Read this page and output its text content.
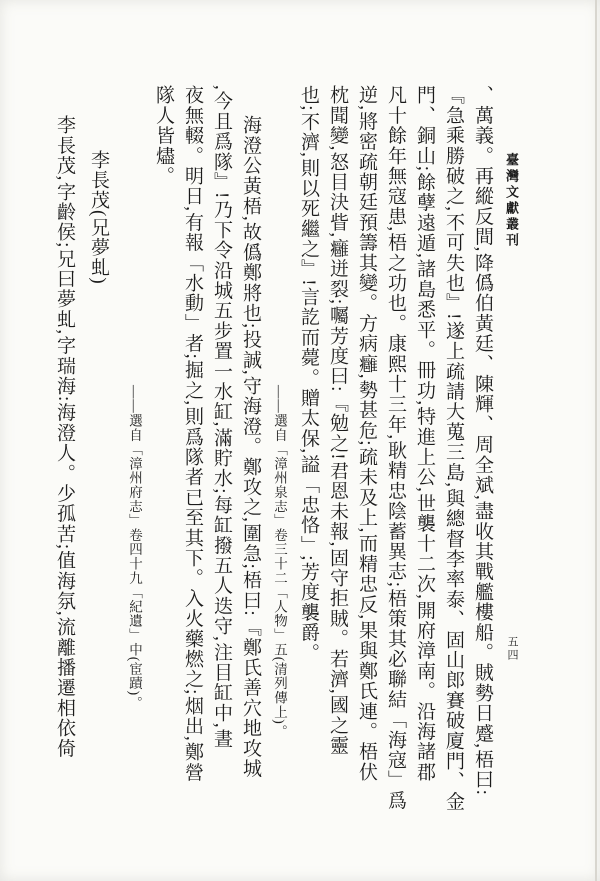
臺灣文獻叢刊
五四
、萬義。再縱反間,降僞伯黃廷、陳輝、周全斌,盡收其戰艦樓船。賊勢日蹙,梧曰:
『急乘勝破之,不可失也』!遂上疏請大蒐三島,與總督李率泰、固山郎賽破廈門、金
門、銅山;餘孽遠遁,諸島悉平。冊功,特進上公,世襲十二次,開府漳南。沿海諸郡
凡十餘年無寇患,梧之功也。康熙十三年,耿精忠陰蓄異志;梧策其必聯結「海寇」爲
逆,將密疏朝廷預籌其變。方病癰,勢甚危;疏未及上,而精忠反,果與鄭氏連。梧伏
枕聞變,怒目決眥,癰迸裂;囑芳度曰:『勉之!君恩未報,固守拒賊。若濟,國之靈
也;不濟,則以死繼之』!言訖而薨。贈太保,謚「忠恪」;芳度襲爵。
——選自「漳州泉志」卷三十二「人物」五(清列傳上)。
海澄公黃梧,故僞鄭將也;投誠,守海澄。鄭攻之,圍急;梧曰:『鄭氏善穴地攻城
,今且爲隊』!乃下令沿城五步置一水缸,滿貯水;每缸撥五人迭守,注目缸中,晝
夜無輟。明日,有報「水動」者;掘之,則爲隊者已至其下。入火藥燃之;烟出,鄭營
隊人皆燼。
——選自「漳州府志」卷四十九「紀遺」中(宦蹟)。
李長茂(兄夢虬)
李長茂,字齡侯;兄曰夢虬,字瑞海:海澄人。少孤苦;值海氛,流離播遷相依倚
